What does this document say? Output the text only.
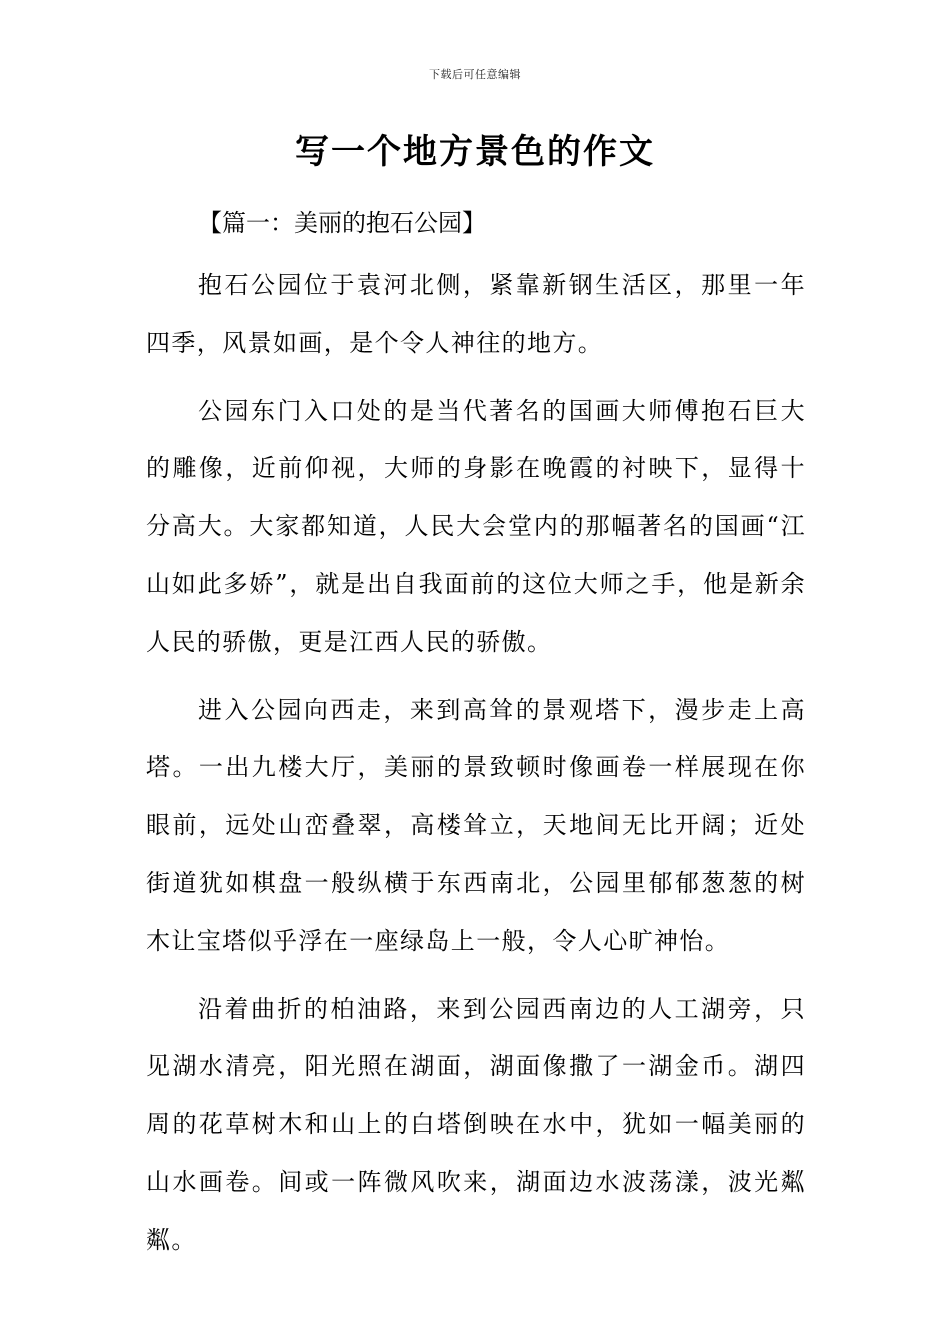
下载后可任意编辑
写一个地方景色的作文

【篇一：美丽的抱石公园】

抱石公园位于袁河北侧，紧靠新钢生活区，那里一年四季，风景如画，是个令人神往的地方。

公园东门入口处的是当代著名的国画大师傅抱石巨大的雕像，近前仰视，大师的身影在晚霞的衬映下，显得十分高大。大家都知道，人民大会堂内的那幅著名的国画“江山如此多娇”，就是出自我面前的这位大师之手，他是新余人民的骄傲，更是江西人民的骄傲。

进入公园向西走，来到高耸的景观塔下，漫步走上高塔。一出九楼大厅，美丽的景致顿时像画卷一样展现在你眼前，远处山峦叠翠，高楼耸立，天地间无比开阔；近处街道犹如棋盘一般纵横于东西南北，公园里郁郁葱葱的树木让宝塔似乎浮在一座绿岛上一般，令人心旷神怡。

沿着曲折的柏油路，来到公园西南边的人工湖旁，只见湖水清亮，阳光照在湖面，湖面像撒了一湖金币。湖四周的花草树木和山上的白塔倒映在水中，犹如一幅美丽的山水画卷。间或一阵微风吹来，湖面边水波荡漾，波光粼粼。
